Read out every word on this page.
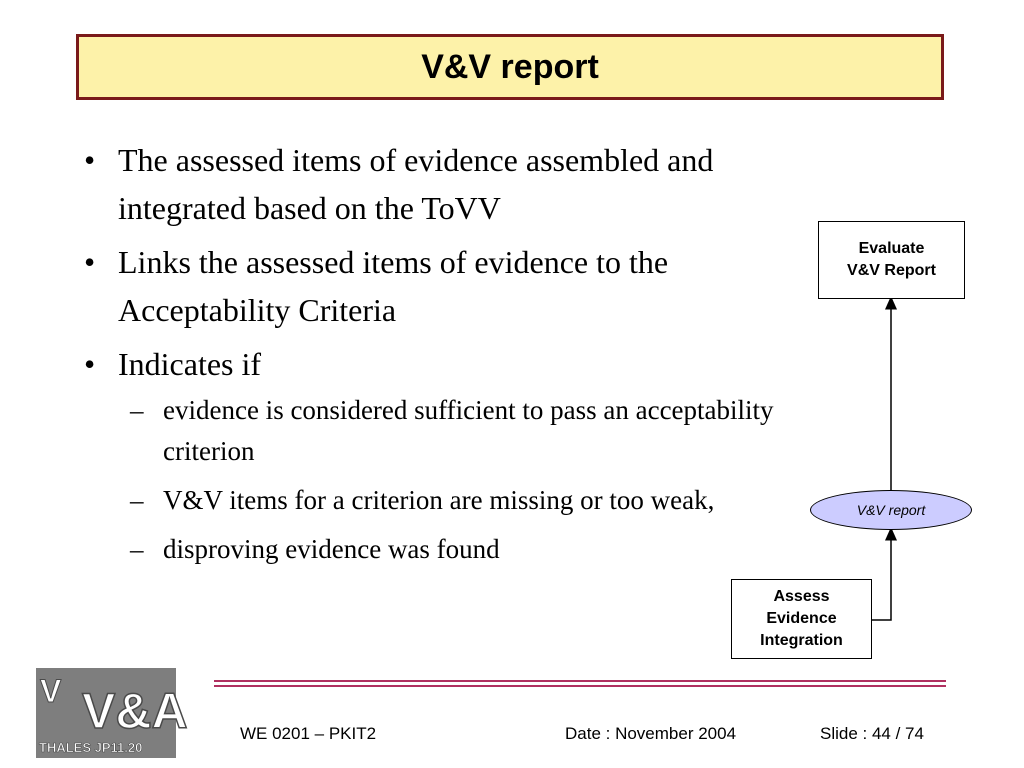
V&V report
• The assessed items of evidence assembled and integrated based on the ToVV
• Links the assessed items of evidence to the Acceptability Criteria
• Indicates if
– evidence is considered sufficient to pass an acceptability criterion
– V&V items for a criterion are missing or too weak,
– disproving evidence was found
Evaluate
V&V Report
V&V report
Assess
Evidence
Integration
V&A
V
THALES JP11.20
WE 0201 – PKIT2	Date : November 2004	Slide : 44 / 74
